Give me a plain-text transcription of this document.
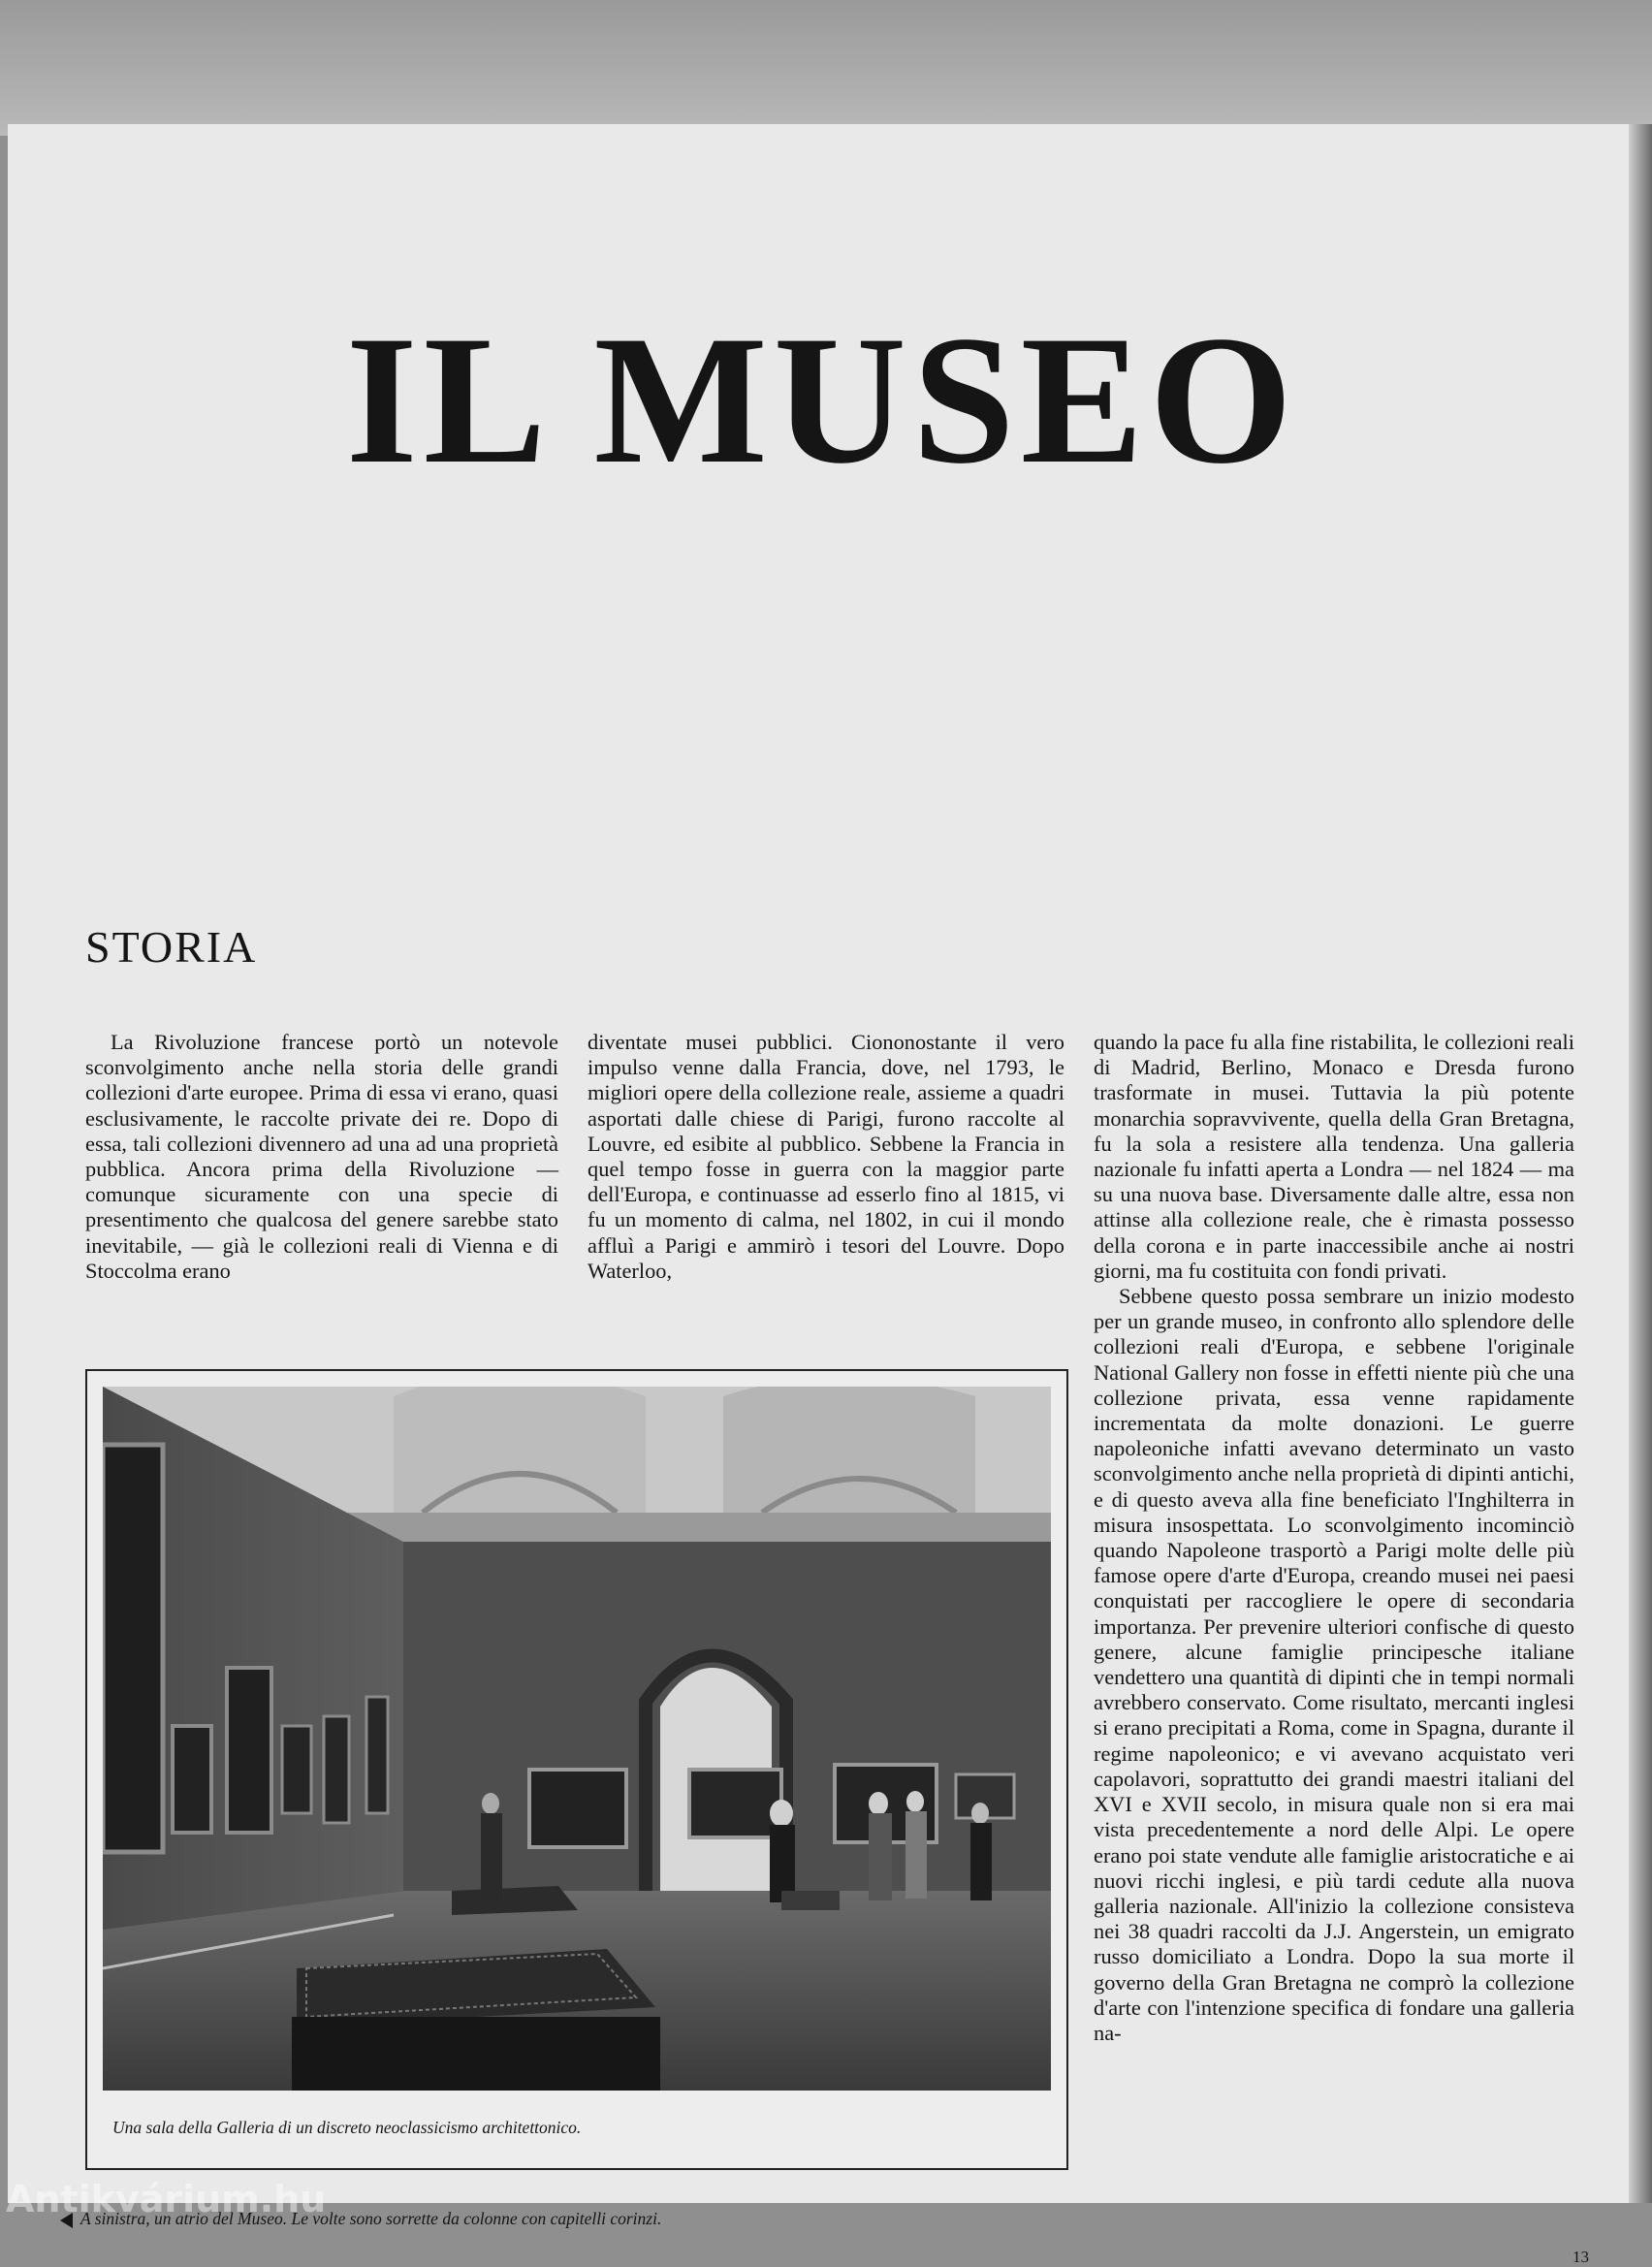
IL MUSEO
STORIA

La Rivoluzione francese portò un notevole sconvolgimento anche nella storia delle grandi collezioni d'arte europee. Prima di essa vi erano, quasi esclusivamente, le raccolte private dei re. Dopo di essa, tali collezioni divennero ad una ad una proprietà pubblica. Ancora prima della Rivoluzione — comunque sicuramente con una specie di presentimento che qualcosa del genere sarebbe stato inevitabile, — già le collezioni reali di Vienna e di Stoccolma erano

diventate musei pubblici. Ciononostante il vero impulso venne dalla Francia, dove, nel 1793, le migliori opere della collezione reale, assieme a quadri asportati dalle chiese di Parigi, furono raccolte al Louvre, ed esibite al pubblico. Sebbene la Francia in quel tempo fosse in guerra con la maggior parte dell'Europa, e continuasse ad esserlo fino al 1815, vi fu un momento di calma, nel 1802, in cui il mondo affluì a Parigi e ammirò i tesori del Louvre. Dopo Waterloo,

quando la pace fu alla fine ristabilita, le collezioni reali di Madrid, Berlino, Monaco e Dresda furono trasformate in musei. Tuttavia la più potente monarchia sopravvivente, quella della Gran Bretagna, fu la sola a resistere alla tendenza. Una galleria nazionale fu infatti aperta a Londra — nel 1824 — ma su una nuova base. Diversamente dalle altre, essa non attinse alla collezione reale, che è rimasta possesso della corona e in parte inaccessibile anche ai nostri giorni, ma fu costituita con fondi privati.

Sebbene questo possa sembrare un inizio modesto per un grande museo, in confronto allo splendore delle collezioni reali d'Europa, e sebbene l'originale National Gallery non fosse in effetti niente più che una collezione privata, essa venne rapidamente incrementata da molte donazioni. Le guerre napoleoniche infatti avevano determinato un vasto sconvolgimento anche nella proprietà di dipinti antichi, e di questo aveva alla fine beneficiato l'Inghilterra in misura insospettata. Lo sconvolgimento incominciò quando Napoleone trasportò a Parigi molte delle più famose opere d'arte d'Europa, creando musei nei paesi conquistati per raccogliere le opere di secondaria importanza. Per prevenire ulteriori confische di questo genere, alcune famiglie principesche italiane vendettero una quantità di dipinti che in tempi normali avrebbero conservato. Come risultato, mercanti inglesi si erano precipitati a Roma, come in Spagna, durante il regime napoleonico; e vi avevano acquistato veri capolavori, soprattutto dei grandi maestri italiani del XVI e XVII secolo, in misura quale non si era mai vista precedentemente a nord delle Alpi. Le opere erano poi state vendute alle famiglie aristocratiche e ai nuovi ricchi inglesi, e più tardi cedute alla nuova galleria nazionale. All'inizio la collezione consisteva nei 38 quadri raccolti da J.J. Angerstein, un emigrato russo domiciliato a Londra. Dopo la sua morte il governo della Gran Bretagna ne comprò la collezione d'arte con l'intenzione specifica di fondare una galleria na-

Una sala della Galleria di un discreto neoclassicismo architettonico.

A sinistra, un atrio del Museo. Le volte sono sorrette da colonne con capitelli corinzi.
13
Antikvárium.hu
